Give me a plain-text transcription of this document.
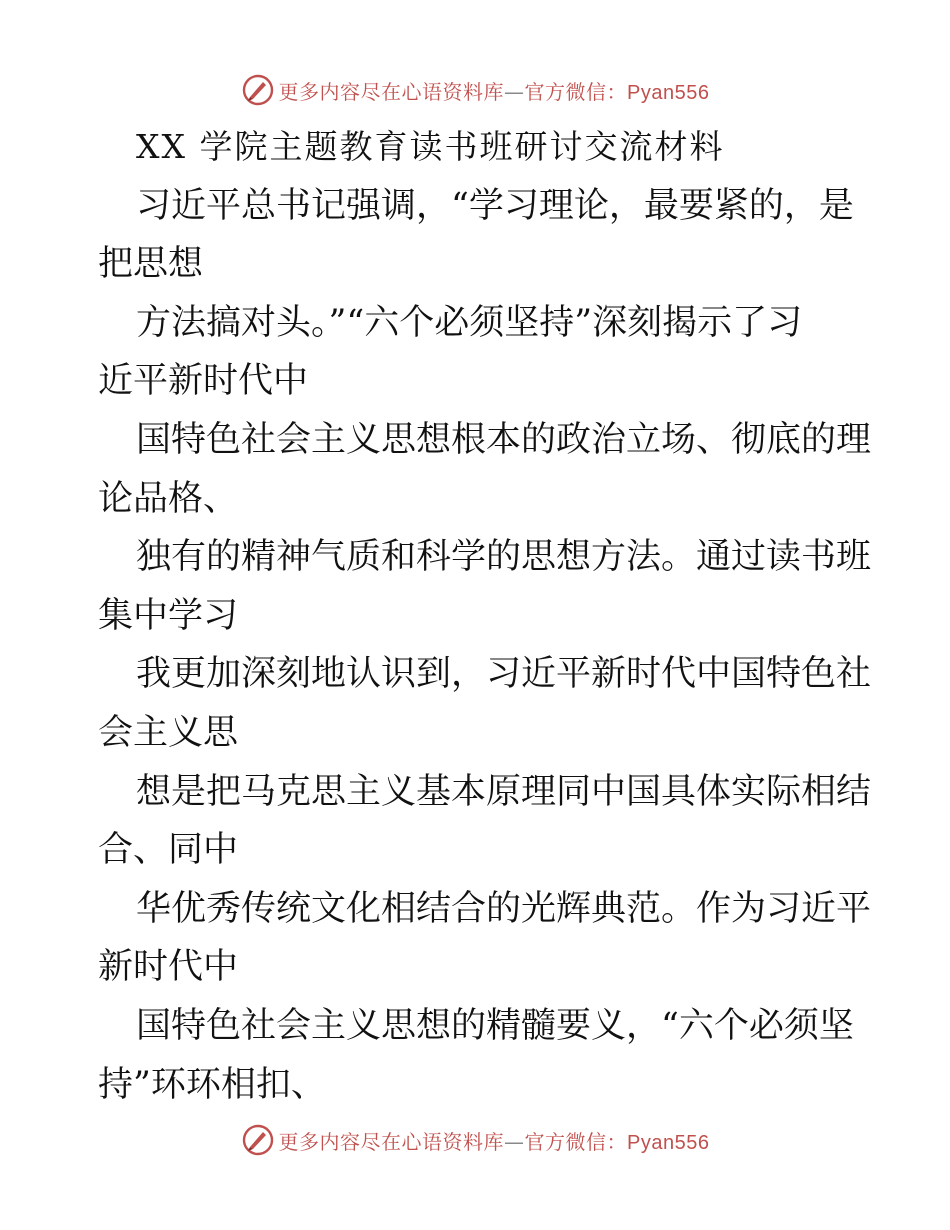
更多内容尽在心语资料库—官方微信：Pyan556
XX 学院主题教育读书班研讨交流材料
习近平总书记强调，“学习理论，最要紧的，是
把思想
方法搞对头。”“六个必须坚持”深刻揭示了习
近平新时代中
国特色社会主义思想根本的政治立场、彻底的理
论品格、
独有的精神气质和科学的思想方法。通过读书班
集中学习
我更加深刻地认识到，习近平新时代中国特色社
会主义思
想是把马克思主义基本原理同中国具体实际相结
合、同中
华优秀传统文化相结合的光辉典范。作为习近平
新时代中
国特色社会主义思想的精髓要义，“六个必须坚
持”环环相扣、
更多内容尽在心语资料库—官方微信：Pyan556
